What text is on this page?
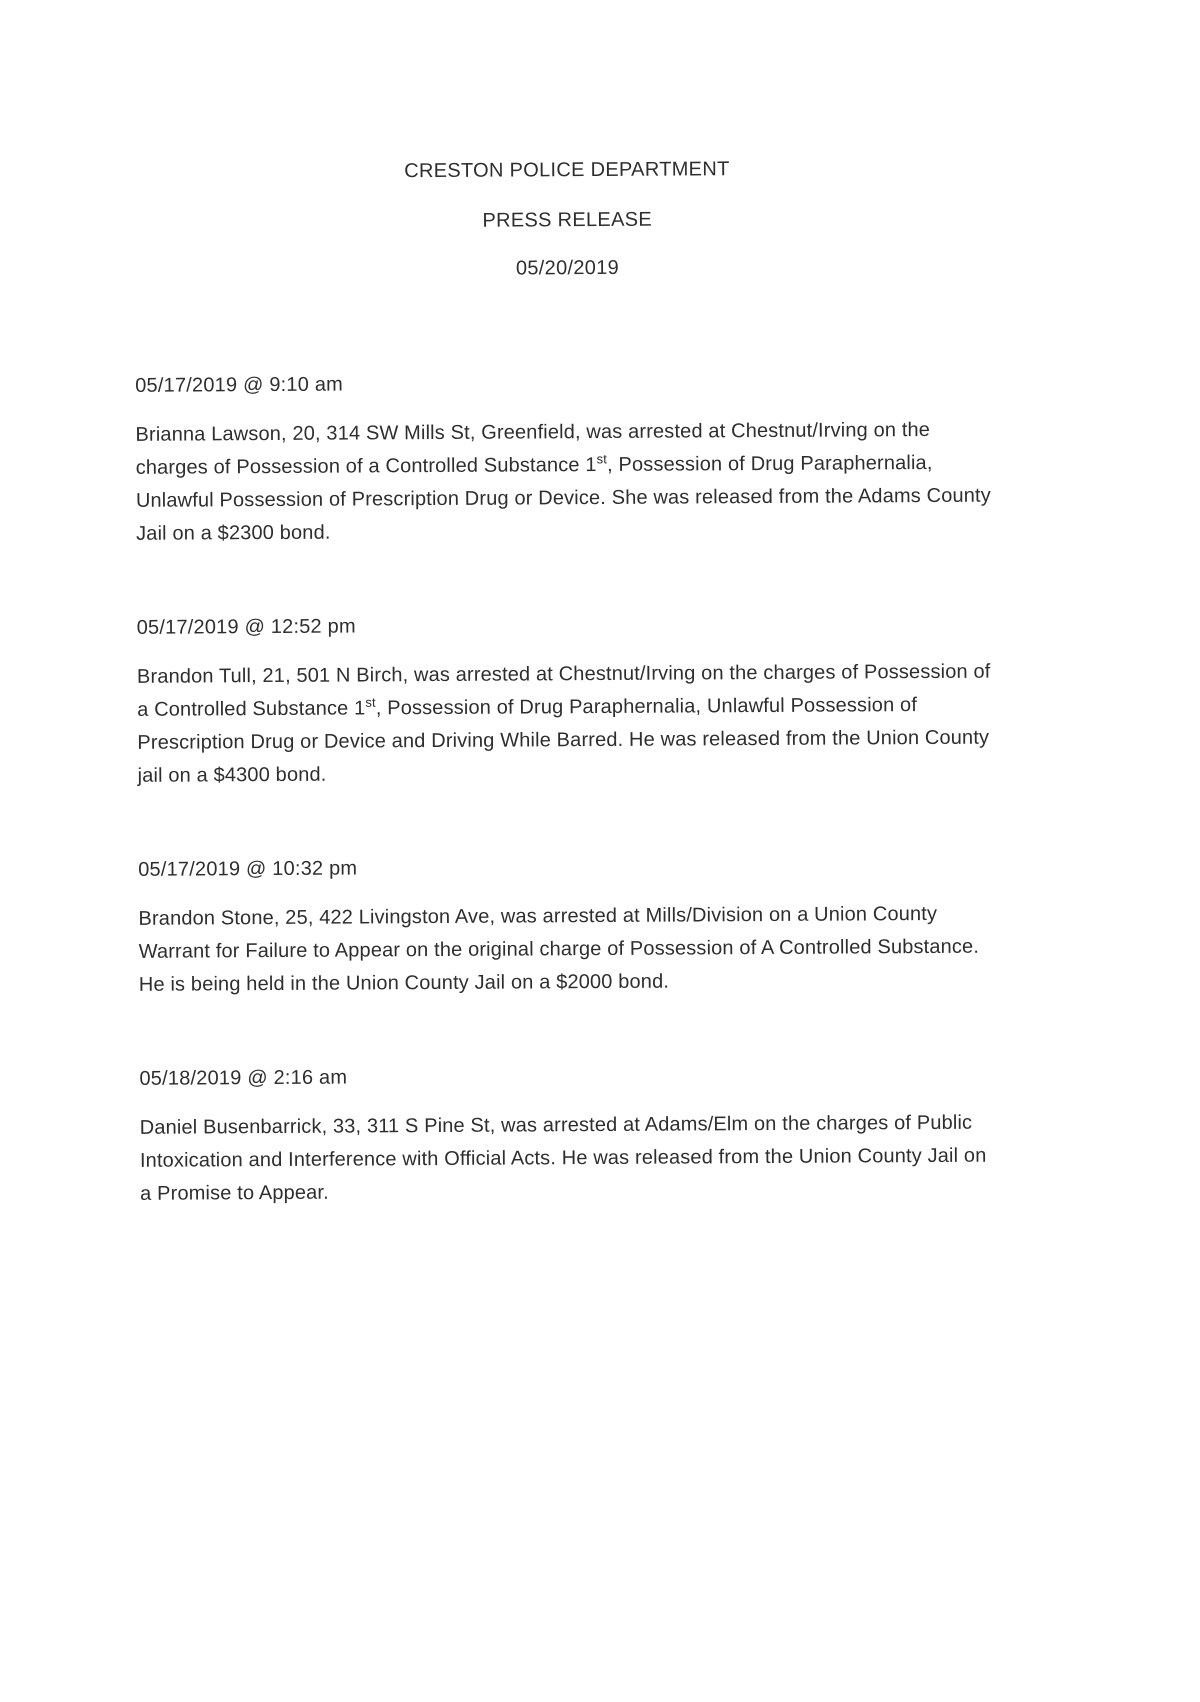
CRESTON POLICE DEPARTMENT
PRESS RELEASE
05/20/2019
05/17/2019 @ 9:10 am

Brianna Lawson, 20, 314 SW Mills St, Greenfield, was arrested at Chestnut/Irving on the charges of Possession of a Controlled Substance 1st, Possession of Drug Paraphernalia, Unlawful Possession of Prescription Drug or Device. She was released from the Adams County Jail on a $2300 bond.

05/17/2019 @ 12:52 pm

Brandon Tull, 21, 501 N Birch, was arrested at Chestnut/Irving on the charges of Possession of a Controlled Substance 1st, Possession of Drug Paraphernalia, Unlawful Possession of Prescription Drug or Device and Driving While Barred. He was released from the Union County jail on a $4300 bond.

05/17/2019 @ 10:32 pm

Brandon Stone, 25, 422 Livingston Ave, was arrested at Mills/Division on a Union County Warrant for Failure to Appear on the original charge of Possession of A Controlled Substance. He is being held in the Union County Jail on a $2000 bond.

05/18/2019 @ 2:16 am

Daniel Busenbarrick, 33, 311 S Pine St, was arrested at Adams/Elm on the charges of Public Intoxication and Interference with Official Acts. He was released from the Union County Jail on a Promise to Appear.
